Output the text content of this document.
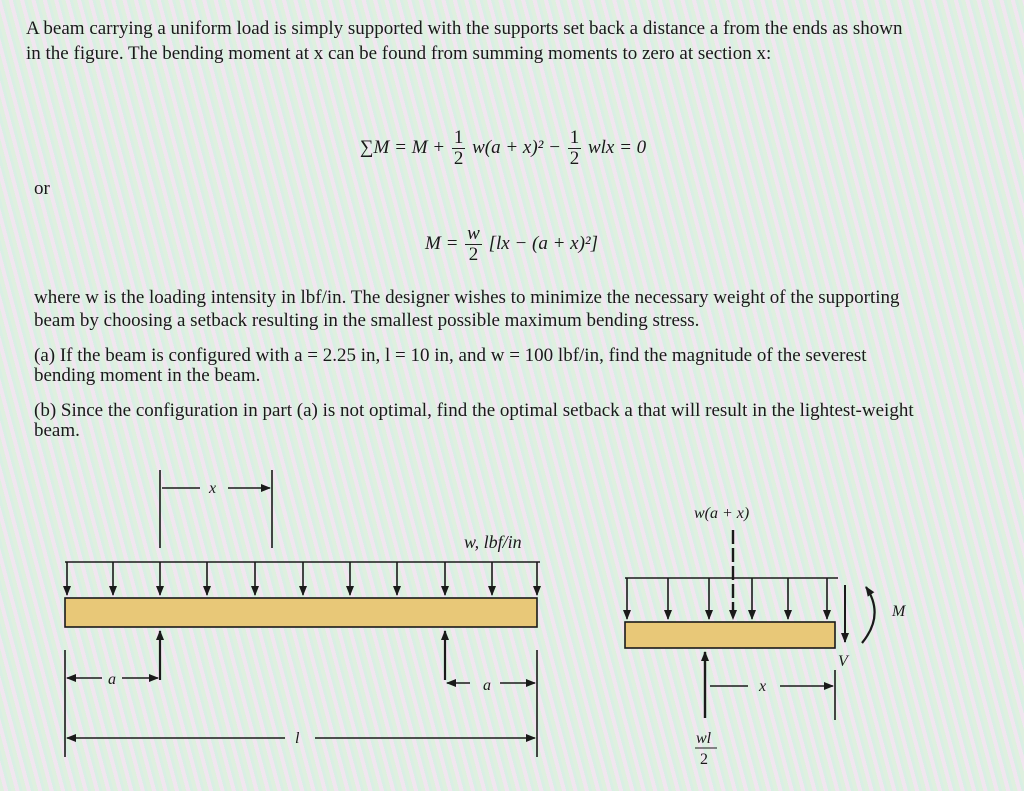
A beam carrying a uniform load is simply supported with the supports set back a distance a from the ends as shown
in the figure. The bending moment at x can be found from summing moments to zero at section x:
$\sum M = M + \frac{1}{2} w(a + x)^2 - \frac{1}{2}$ wlx = 0
or
$M = \frac{w}{2} [lx - (a + x)^2]$
where w is the loading intensity in lbf/in. The designer wishes to minimize the necessary weight of the supporting
beam by choosing a setback resulting in the smallest possible maximum bending stress.
(a) If the beam is configured with a = 2.25 in, l = 10 in, and w = 100 lbf/in, find the magnitude of the severest
bending moment in the beam.
(b) Since the configuration in part (a) is not optimal, find the optimal setback a that will result in the lightest-weight
beam.
x
w, lbf/in
a	a
l
w(a + x)
M
V
x
wl
2
